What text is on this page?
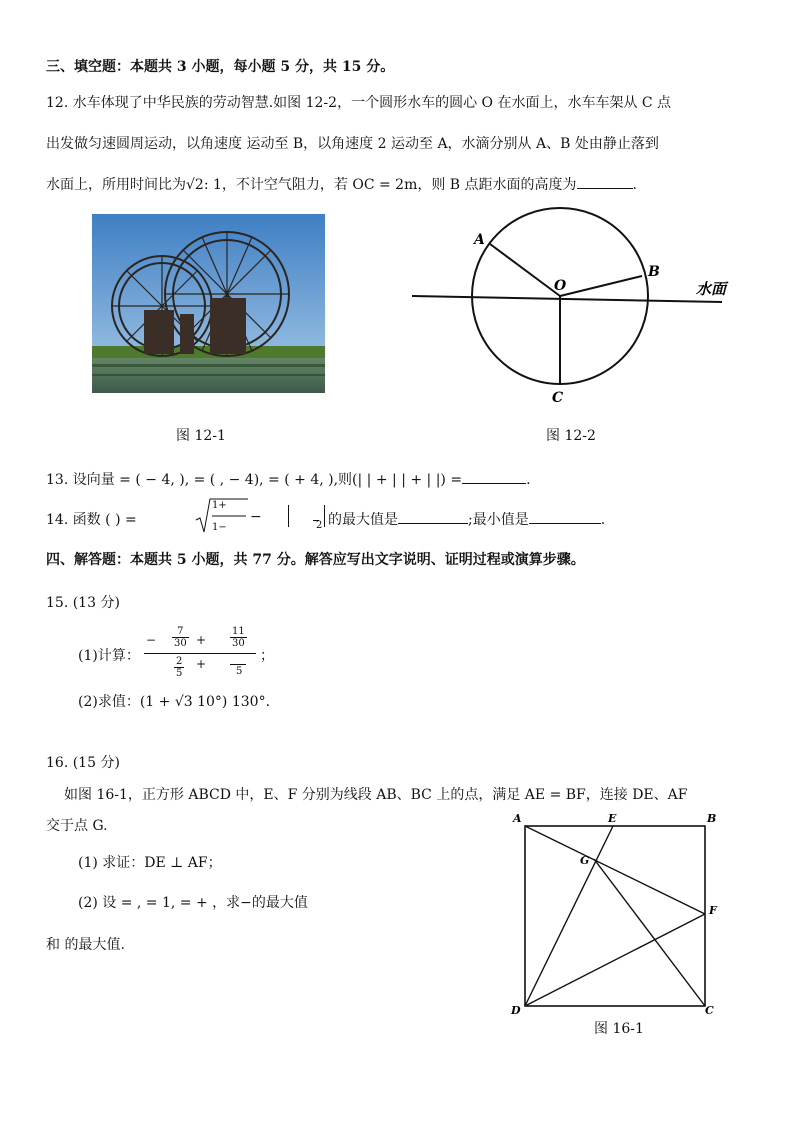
三、填空题：本题共 3 小题，每小题 5 分，共 15 分。
12. 水车体现了中华民族的劳动智慧.如图 12-2，一个圆形水车的圆心 O 在水面上，水车车架从 C 点
出发做匀速圆周运动，以角速度 运动至 B，以角速度 2 运动至 A，水滴分别从 A、B 处由静止落到
水面上，所用时间比为√2: 1，不计空气阻力，若 OC = 2m，则 B 点距水面的高度为	.
图 12-1
A
B
O
C
水面
图 12-2
13. 设向量 = ( − 4, ), = ( , − 4), = ( + 4, ),则(| | + | | + | |) =	.
14. 函数 ( ) =
1+
1−
−
2 的最大值是	;最小值是	.
四、解答题：本题共 5 小题，共 77 分。解答应写出文字说明、证明过程或演算步骤。
15. (13 分)
(1)计算：
− $\frac{7}{30} + \frac{11}{30}$
$\frac{2}{5}$ +
5
；
(2)求值：(1 + √3 10°) 130°.
16. (15 分)
如图 16-1，正方形 ABCD 中，E、F 分别为线段 AB、BC 上的点，满足 AE = BF，连接 DE、AF
交于点 G.
(1) 求证：DE ⊥ AF；
(2) 设 = , = 1, = + ，求−的最大值
和 的最大值.
A	E	B
G
F
D	C
图 16-1
